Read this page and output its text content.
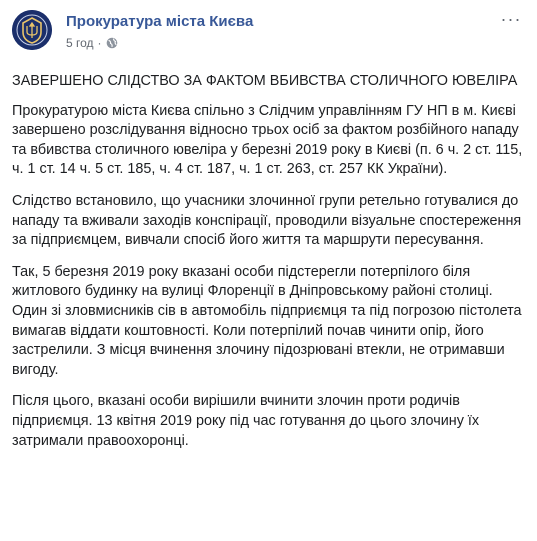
Прокуратура міста Києва
5 год ·
···

ЗАВЕРШЕНО СЛІДСТВО ЗА ФАКТОМ ВБИВСТВА СТОЛИЧНОГО ЮВЕЛІРА

Прокуратурою міста Києва спільно з Слідчим управлінням ГУ НП в м. Києві завершено розслідування відносно трьох осіб за фактом розбійного нападу та вбивства столичного ювеліра у березні 2019 року в Києві (п. 6 ч. 2 ст. 115, ч. 1 ст. 14 ч. 5 ст. 185, ч. 4 ст. 187, ч. 1 ст. 263, ст. 257 КК України).

Слідство встановило, що учасники злочинної групи ретельно готувалися до нападу та вживали заходів конспірації, проводили візуальне спостереження за підприємцем, вивчали спосіб його життя та маршрути пересування.

Так, 5 березня 2019 року вказані особи підстерегли потерпілого біля житлового будинку на вулиці Флоренції в Дніпровському районі столиці. Один зі зловмисників сів в автомобіль підприємця та під погрозою пістолета вимагав віддати коштовності. Коли потерпілий почав чинити опір, його застрелили. З місця вчинення злочину підозрювані втекли, не отримавши вигоду.

Після цього, вказані особи вирішили вчинити злочин проти родичів підприємця. 13 квітня 2019 року під час готування до цього злочину їх затримали правоохоронці.
